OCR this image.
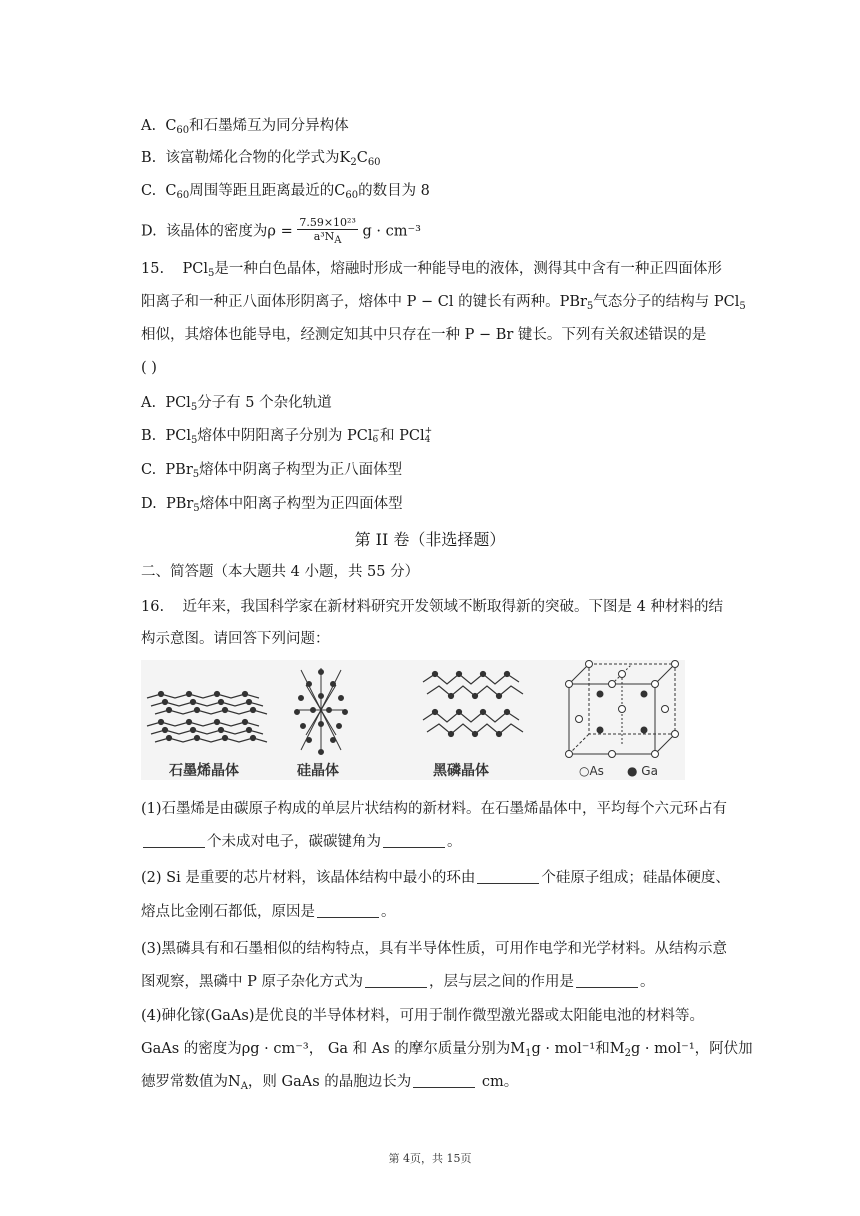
A. $C_{60}$和石墨烯互为同分异构体
B. 该富勒烯化合物的化学式为$K_2C_{60}$
C. $C_{60}$周围等距且距离最近的$C_{60}$的数目为 8
D. 该晶体的密度为$\rho = \frac{\text{7.59×10²³}}{\text{a³NA}}$ g · cm⁻³
15. PCl$_5$是一种白色晶体，熔融时形成一种能导电的液体，测得其中含有一种正四面体形
阳离子和一种正八面体形阴离子，熔体中 P − Cl 的键长有两种。PBr$_5$气态分子的结构与 PCl$_5$
相似，其熔体也能导电，经测定知其中只存在一种 P − Br 键长。下列有关叙述错误的是
( )
A. PCl$_5$分子有 5 个杂化轨道
B. PCl$_5$熔体中阴阳离子分别为 PCl −
6 和 PCl +
4
C. PBr$_5$熔体中阴离子构型为正八面体型
D. PBr$_5$熔体中阳离子构型为正四面体型
第 II 卷（非选择题）
二、简答题（本大题共 4 小题，共 55 分）
16. 近年来，我国科学家在新材料研究开发领域不断取得新的突破。下图是 4 种材料的结
构示意图。请回答下列问题：
石墨烯晶体	硅晶体	黑磷晶体	○As ● Ga
(1)石墨烯是由碳原子构成的单层片状结构的新材料。在石墨烯晶体中，平均每个六元环占有
个未成对电子，碳碳键角为	。
(2) Si 是重要的芯片材料，该晶体结构中最小的环由	个硅原子组成；硅晶体硬度、
熔点比金刚石都低，原因是	。
(3)黑磷具有和石墨相似的结构特点，具有半导体性质，可用作电学和光学材料。从结构示意
图观察，黑磷中 P 原子杂化方式为	，层与层之间的作用是	。
(4)砷化镓(GaAs)是优良的半导体材料，可用于制作微型激光器或太阳能电池的材料等。
GaAs 的密度为ρg · cm⁻³， Ga 和 As 的摩尔质量分别为$M_1g \cdot mol^{-1}$和$M_2g \cdot mol^{-1}$，阿伏加
德罗常数值为$N_A$，则 GaAs 的晶胞边长为	cm。
第 4页，共 15页
